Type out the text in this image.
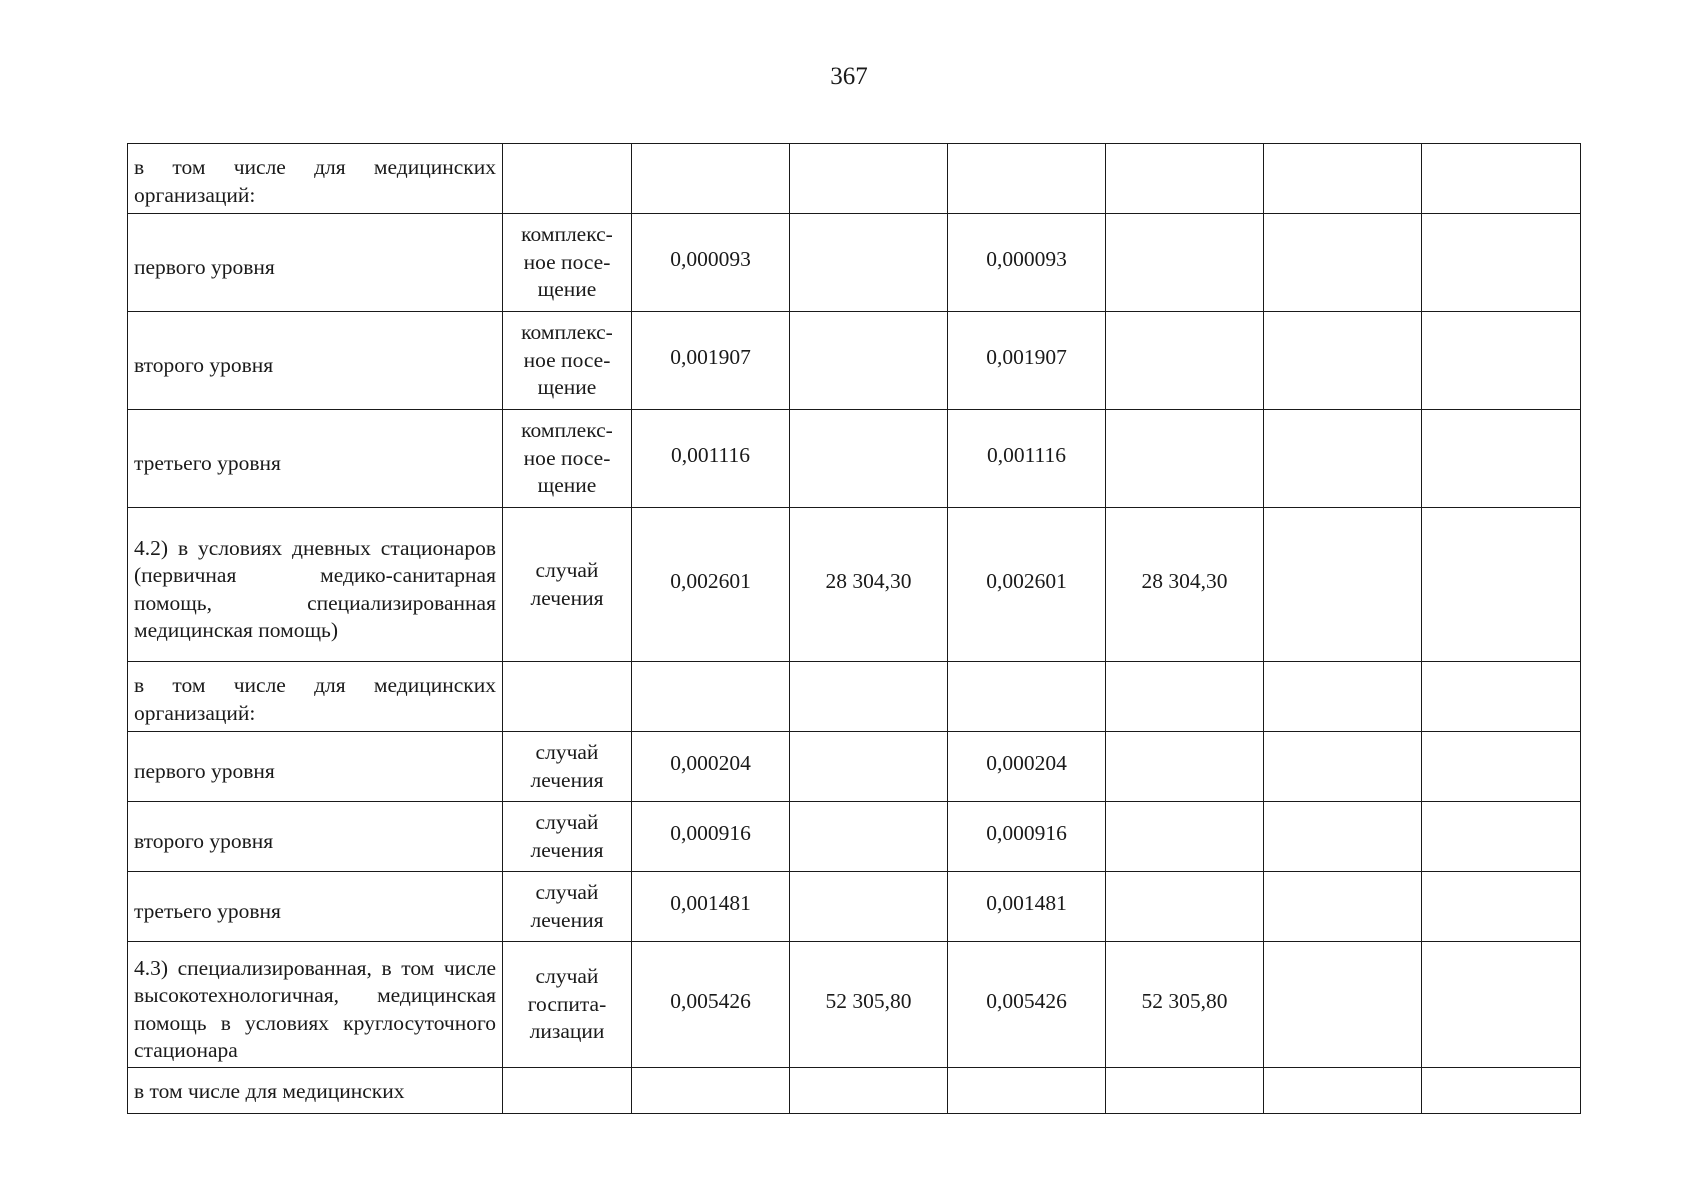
367
в том числе для медицинских организаций:							
первого уровня	комплекс-ное посе-щение	0,000093		0,000093			
второго уровня	комплекс-ное посе-щение	0,001907		0,001907			
третьего уровня	комплекс-ное посе-щение	0,001116		0,001116			
4.2) в условиях дневных стационаров (первичная медико-санитарная помощь, специализированная медицинская помощь)	случай лечения	0,002601	28 304,30	0,002601	28 304,30		
в том числе для медицинских организаций:							
первого уровня	случай лечения	0,000204		0,000204			
второго уровня	случай лечения	0,000916		0,000916			
третьего уровня	случай лечения	0,001481		0,001481			
4.3) специализированная, в том числе высокотехнологичная, медицинская помощь в условиях круглосуточного стационара	случай госпита-лизации	0,005426	52 305,80	0,005426	52 305,80		
в том числе для медицинских							
